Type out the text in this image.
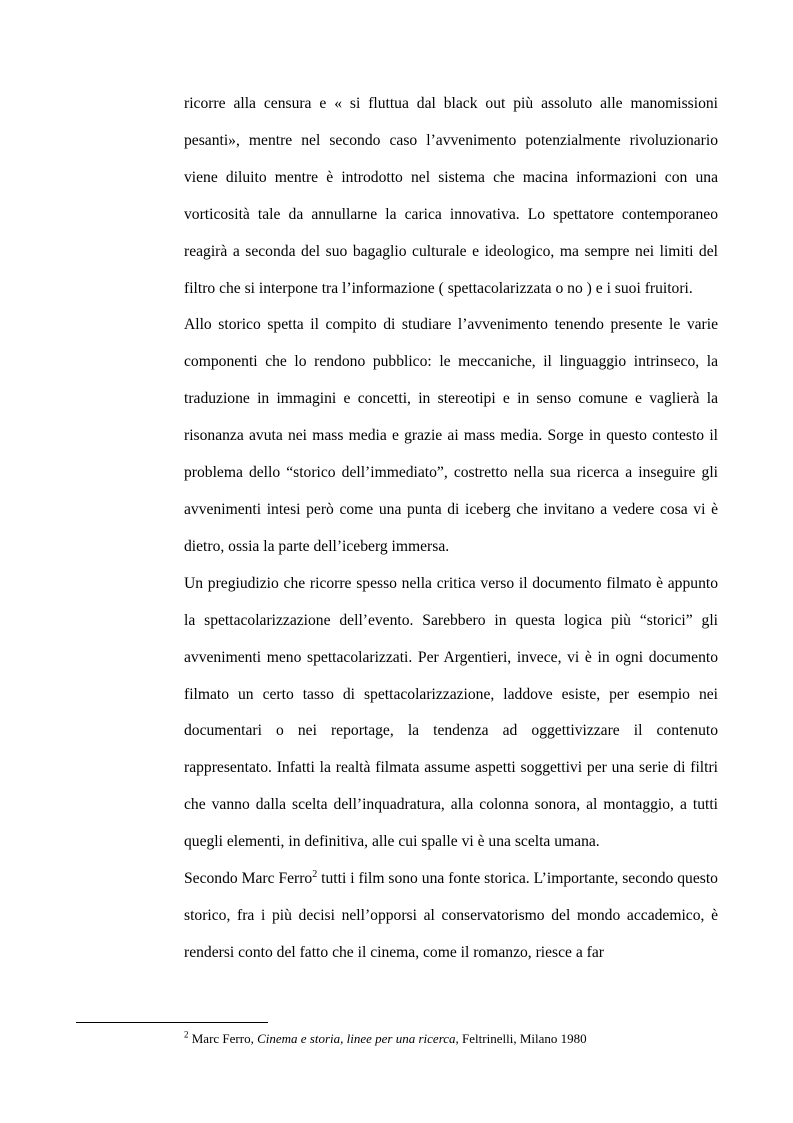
ricorre alla censura e « si fluttua dal black out più assoluto alle manomissioni pesanti», mentre nel secondo caso l’avvenimento potenzialmente rivoluzionario viene diluito mentre è introdotto nel sistema che macina informazioni con una vorticosità tale da annullarne la carica innovativa. Lo spettatore contemporaneo reagirà a seconda del suo bagaglio culturale e ideologico, ma sempre nei limiti del filtro che si interpone tra l’informazione ( spettacolarizzata o no ) e i suoi fruitori.

Allo storico spetta il compito di studiare l’avvenimento tenendo presente le varie componenti che lo rendono pubblico: le meccaniche, il linguaggio intrinseco, la traduzione in immagini e concetti, in stereotipi e in senso comune e vaglierà la risonanza avuta nei mass media e grazie ai mass media. Sorge in questo contesto il problema dello “storico dell’immediato”, costretto nella sua ricerca a inseguire gli avvenimenti intesi però come una punta di iceberg che invitano a vedere cosa vi è dietro, ossia la parte dell’iceberg immersa.

Un pregiudizio che ricorre spesso nella critica verso il documento filmato è appunto la spettacolarizzazione dell’evento. Sarebbero in questa logica più “storici” gli avvenimenti meno spettacolarizzati. Per Argentieri, invece, vi è in ogni documento filmato un certo tasso di spettacolarizzazione, laddove esiste, per esempio nei documentari o nei reportage, la tendenza ad oggettivizzare il contenuto rappresentato. Infatti la realtà filmata assume aspetti soggettivi per una serie di filtri che vanno dalla scelta dell’inquadratura, alla colonna sonora, al montaggio, a tutti quegli elementi, in definitiva, alle cui spalle vi è una scelta umana.

Secondo Marc Ferro$^2$ tutti i film sono una fonte storica. L’importante, secondo questo storico, fra i più decisi nell’opporsi al conservatorismo del mondo accademico, è rendersi conto del fatto che il cinema, come il romanzo, riesce a far

$^2$ Marc Ferro, Cinema e storia, linee per una ricerca, Feltrinelli, Milano 1980
